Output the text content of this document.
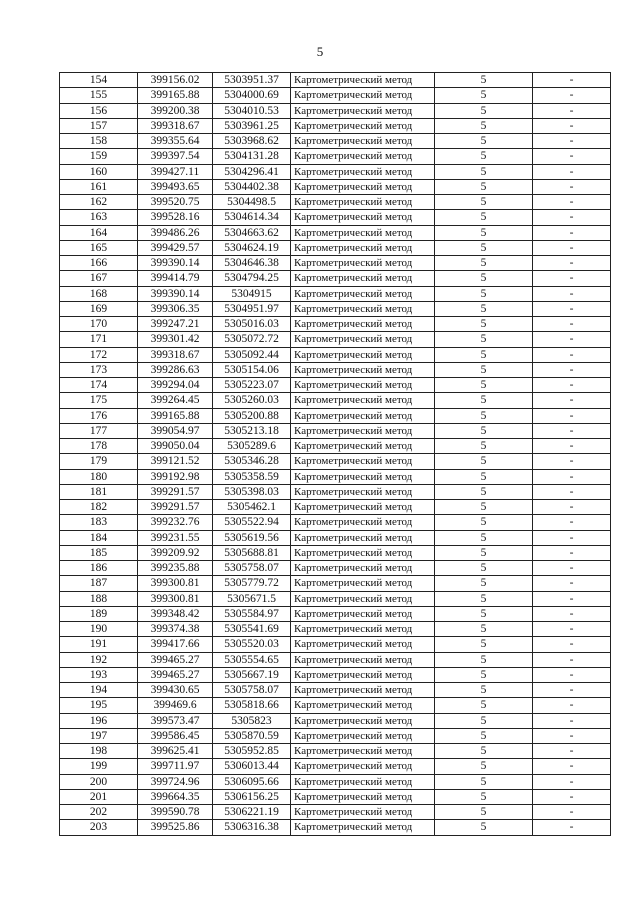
5
154	399156.02	5303951.37	Картометрический метод	5	-
155	399165.88	5304000.69	Картометрический метод	5	-
156	399200.38	5304010.53	Картометрический метод	5	-
157	399318.67	5303961.25	Картометрический метод	5	-
158	399355.64	5303968.62	Картометрический метод	5	-
159	399397.54	5304131.28	Картометрический метод	5	-
160	399427.11	5304296.41	Картометрический метод	5	-
161	399493.65	5304402.38	Картометрический метод	5	-
162	399520.75	5304498.5	Картометрический метод	5	-
163	399528.16	5304614.34	Картометрический метод	5	-
164	399486.26	5304663.62	Картометрический метод	5	-
165	399429.57	5304624.19	Картометрический метод	5	-
166	399390.14	5304646.38	Картометрический метод	5	-
167	399414.79	5304794.25	Картометрический метод	5	-
168	399390.14	5304915	Картометрический метод	5	-
169	399306.35	5304951.97	Картометрический метод	5	-
170	399247.21	5305016.03	Картометрический метод	5	-
171	399301.42	5305072.72	Картометрический метод	5	-
172	399318.67	5305092.44	Картометрический метод	5	-
173	399286.63	5305154.06	Картометрический метод	5	-
174	399294.04	5305223.07	Картометрический метод	5	-
175	399264.45	5305260.03	Картометрический метод	5	-
176	399165.88	5305200.88	Картометрический метод	5	-
177	399054.97	5305213.18	Картометрический метод	5	-
178	399050.04	5305289.6	Картометрический метод	5	-
179	399121.52	5305346.28	Картометрический метод	5	-
180	399192.98	5305358.59	Картометрический метод	5	-
181	399291.57	5305398.03	Картометрический метод	5	-
182	399291.57	5305462.1	Картометрический метод	5	-
183	399232.76	5305522.94	Картометрический метод	5	-
184	399231.55	5305619.56	Картометрический метод	5	-
185	399209.92	5305688.81	Картометрический метод	5	-
186	399235.88	5305758.07	Картометрический метод	5	-
187	399300.81	5305779.72	Картометрический метод	5	-
188	399300.81	5305671.5	Картометрический метод	5	-
189	399348.42	5305584.97	Картометрический метод	5	-
190	399374.38	5305541.69	Картометрический метод	5	-
191	399417.66	5305520.03	Картометрический метод	5	-
192	399465.27	5305554.65	Картометрический метод	5	-
193	399465.27	5305667.19	Картометрический метод	5	-
194	399430.65	5305758.07	Картометрический метод	5	-
195	399469.6	5305818.66	Картометрический метод	5	-
196	399573.47	5305823	Картометрический метод	5	-
197	399586.45	5305870.59	Картометрический метод	5	-
198	399625.41	5305952.85	Картометрический метод	5	-
199	399711.97	5306013.44	Картометрический метод	5	-
200	399724.96	5306095.66	Картометрический метод	5	-
201	399664.35	5306156.25	Картометрический метод	5	-
202	399590.78	5306221.19	Картометрический метод	5	-
203	399525.86	5306316.38	Картометрический метод	5	-
